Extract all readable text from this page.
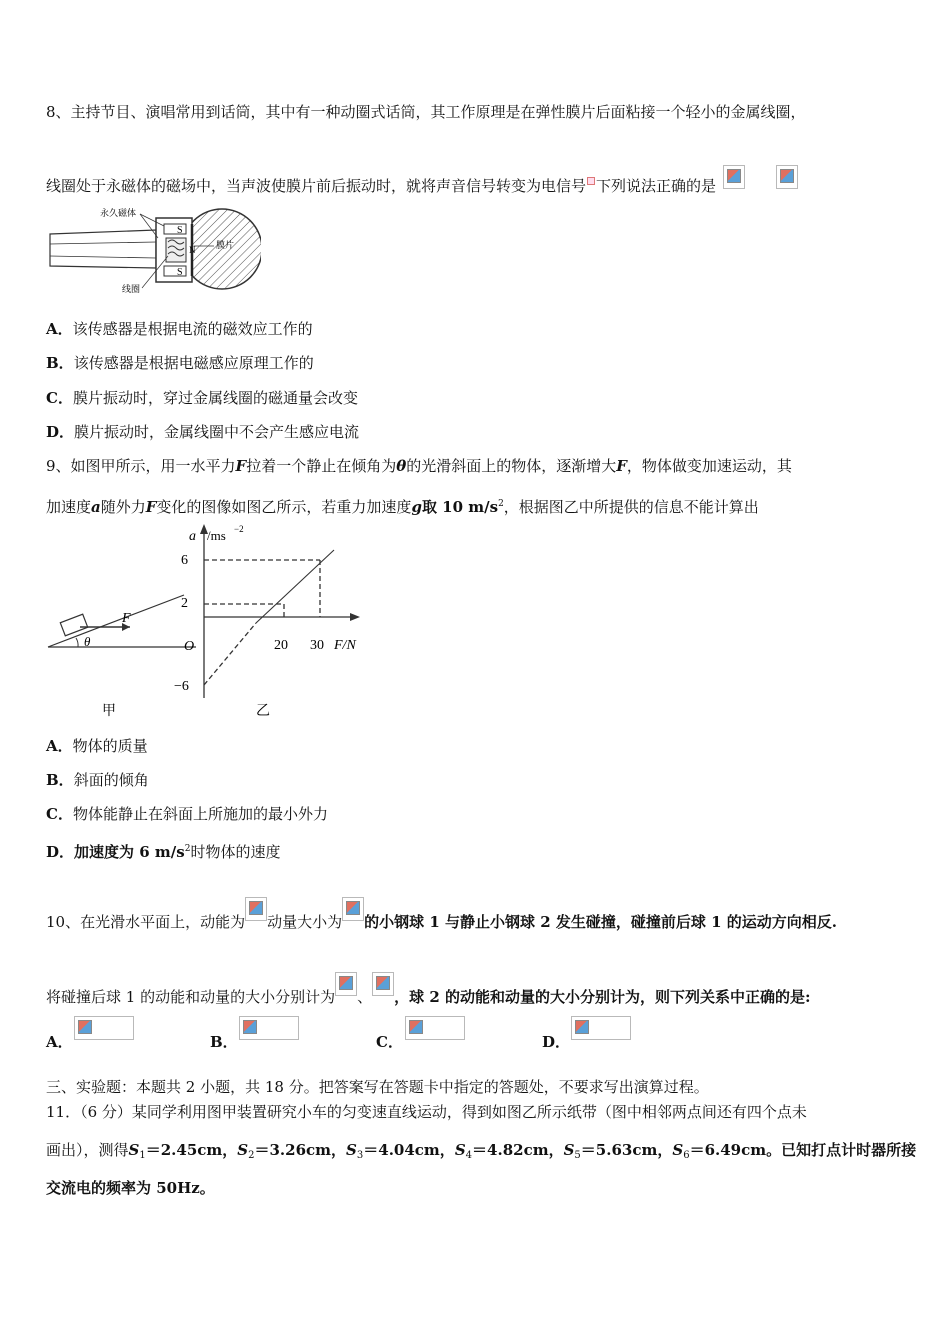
8、主持节目、演唱常用到话筒，其中有一种动圈式话筒，其工作原理是在弹性膜片后面粘接一个轻小的金属线圈，
线圈处于永磁体的磁场中，当声波使膜片前后振动时，就将声音信号转变为电信号 下列说法正确的是
S
N
S
永久磁体
膜片
线圈
A．该传感器是根据电流的磁效应工作的
B．该传感器是根据电磁感应原理工作的
C．膜片振动时，穿过金属线圈的磁通量会改变
D．膜片振动时，金属线圈中不会产生感应电流
9、如图甲所示，用一水平力F拉着一个静止在倾角为θ的光滑斜面上的物体，逐渐增大F，物体做变加速运动，其
加速度a随外力F变化的图像如图乙所示，若重力加速度g取 10 $m/s^2$，根据图乙中所提供的信息不能计算出
F
θ
甲
a /ms −2
6
2
O
−6
20 30 F/N
乙
A．物体的质量
B．斜面的倾角
C．物体能静止在斜面上所施加的最小外力
D．加速度为 6 $m/s^2$时物体的速度
10、在光滑水平面上，动能为 动量大小为 的小钢球 1 与静止小钢球 2 发生碰撞，碰撞前后球 1 的运动方向相反.
将碰撞后球 1 的动能和动量的大小分别计为 、 ，球 2 的动能和动量的大小分别计为，则下列关系中正确的是:
A．	B．	C．	D．
三、实验题：本题共 2 小题，共 18 分。把答案写在答题卡中指定的答题处，不要求写出演算过程。
11．（6 分）某同学利用图甲装置研究小车的匀变速直线运动，得到如图乙所示纸带（图中相邻两点间还有四个点未
画出），测得$S_1=2.45cm$，$S_2=3.26cm$，$S_3=4.04cm$，$S_4=4.82cm$，$S_5=5.63cm$，$S_6=6.49cm$。已知打点计时器所接
交流电的频率为 50Hz。
